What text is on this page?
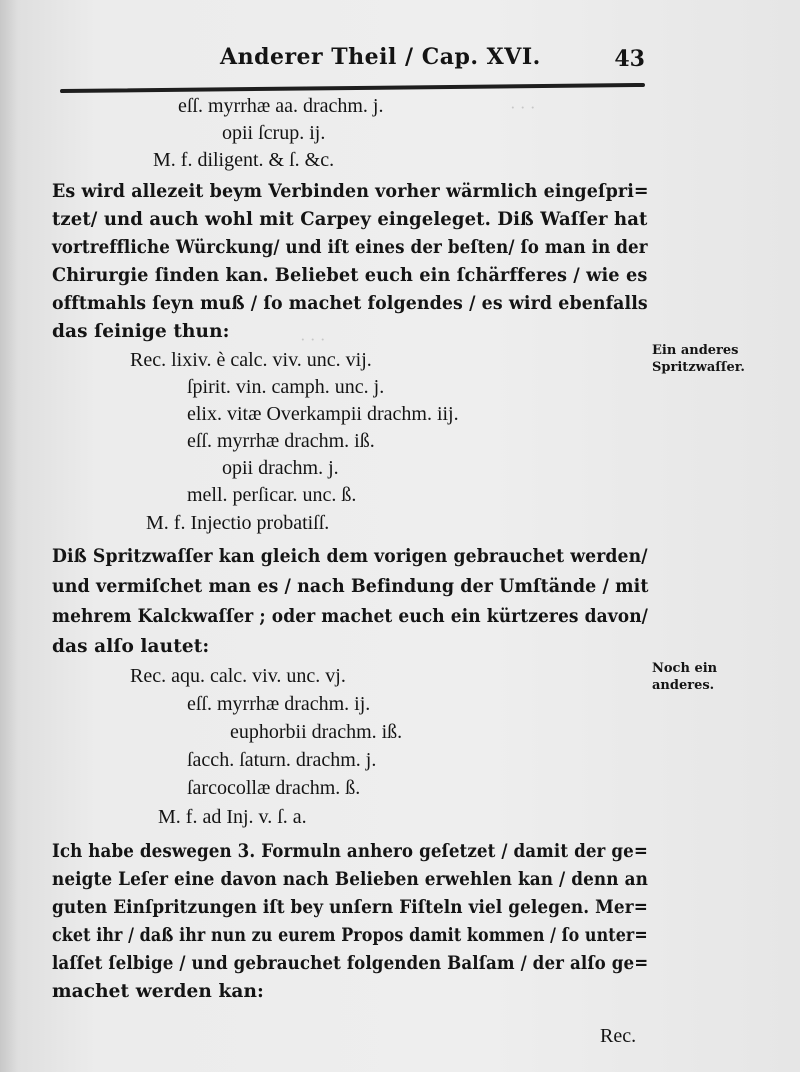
· · ·
· · ·
Anderer Theil / Cap. XVI.	43
eſſ. myrrhæ aa. drachm. j.
opii ſcrup. ij.
M. f. diligent. & ſ. &c.
Es wird allezeit beym Verbinden vorher wärmlich eingeſpri=
tzet/ und auch wohl mit Carpey eingeleget. Diß Waſſer hat
vortreffliche Würckung/ und iſt eines der beſten/ ſo man in der
Chirurgie ſinden kan. Beliebet euch ein ſchärfferes / wie es
offtmahls ſeyn muß / ſo machet folgendes / es wird ebenfalls
das ſeinige thun:
Rec. lixiv. è calc. viv. unc. vij.
ſpirit. vin. camph. unc. j.
elix. vitæ Overkampii drachm. iij.
eſſ. myrrhæ drachm. iß.
opii drachm. j.
mell. perſicar. unc. ß.
M. f. Injectio probatiſſ.
Diß Spritzwaſſer kan gleich dem vorigen gebrauchet werden/
und vermiſchet man es / nach Befindung der Umſtände / mit
mehrem Kalckwaſſer ; oder machet euch ein kürtzeres davon/
das alſo lautet:
Rec. aqu. calc. viv. unc. vj.
eſſ. myrrhæ drachm. ij.
euphorbii drachm. iß.
ſacch. ſaturn. drachm. j.
ſarcocollæ drachm. ß.
M. f. ad Inj. v. ſ. a.
Ich habe deswegen 3. Formuln anhero geſetzet / damit der ge=
neigte Leſer eine davon nach Belieben erwehlen kan / denn an
guten Einſpritzungen iſt bey unſern Fiſteln viel gelegen. Mer=
cket ihr / daß ihr nun zu eurem Propos damit kommen / ſo unter=
laſſet ſelbige / und gebrauchet folgenden Balſam / der alſo ge=
machet werden kan:
Rec.
Ein anderes Spritzwaſſer.
Noch ein anderes.
